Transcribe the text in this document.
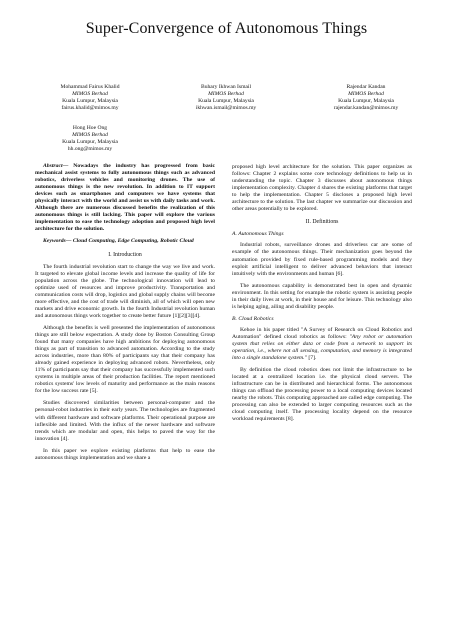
Super-Convergence of Autonomous Things
Mohammad Fairus Khalid
MIMOS Berhad
Kuala Lumpur, Malaysia
fairus.khalid@mimos.my
Buhary Ikhwan Ismail
MIMOS Berhad
Kuala Lumpur, Malaysia
ikhwan.ismail@mimos.my
Rajendar Kandan
MIMOS Berhad
Kuala Lumpur, Malaysia
rajendar.kandan@mimos.my
Hong Hoe Ong
MIMOS Berhad
Kuala Lumpur, Malaysia
hh.ong@mimos.my

Abstract— Nowadays the industry has progressed from basic mechanical assist systems to fully autonomous things such as advanced robotics, driverless vehicles and monitoring drones. The use of autonomous things is the new revolution. In addition to IT support devices such as smartphones and computers we have systems that physically interact with the world and assist us with daily tasks and work. Although there are numerous discussed benefits the realization of this autonomous things is still lacking. This paper will explore the various implementation to ease the technology adoption and proposed high level architecture for the solution.

Keywords— Cloud Computing, Edge Computing, Robotic Cloud

I. Introduction

The fourth industrial revolution start to change the way we live and work. It targeted to elevate global income levels and increase the quality of life for population across the globe. The technological innovation will lead to optimize used of resources and improve productivity. Transportation and communication costs will drop, logistics and global supply chains will become more effective, and the cost of trade will diminish, all of which will open new markets and drive economic growth. In the fourth Industrial revolution human and autonomous things work together to create better future [1][2][3][4].

Although the benefits is well presented the implementation of autonomous things are still below expectation. A study done by Boston Consulting Group found that many companies have high ambitions for deploying autonomous things as part of transition to advanced automation. According to the study across industries, more than 80% of participants say that their company has already gained experience in deploying advanced robots. Nevertheless, only 11% of participants say that their company has successfully implemented such systems in multiple areas of their production facilities. The report mentioned robotics systems' low levels of maturity and performance as the main reasons for the low success rate [5].

Studies discovered similarities between personal-computer and the personal-robot industries in their early years. The technologies are fragmented with different hardware and software platforms. Their operational purpose are inflexible and limited. With the influx of the newer hardware and software trends which are modular and open, this helps to paved the way for the innovation [4].

In this paper we explore existing platforms that help to ease the autonomous things implementation and we share a

proposed high level architecture for the solution. This paper organizes as follows: Chapter 2 explains some core technology definitions to help us in understanding the topic. Chapter 3 discusses about autonomous things implementation complexity. Chapter 4 shares the existing platforms that target to help the implementation. Chapter 5 discloses a proposed high level architecture to the solution. The last chapter we summarize our discussion and other areas potentially to be explored.

II. Definitions
A. Autonomous Things

Industrial robots, surveillance drones and driverless car are some of example of the autonomous things. Their mechanization goes beyond the automation provided by fixed rule-based programming models and they exploit artificial intelligent to deliver advanced behaviors that interact intuitively with the environments and human [6].

The autonomous capability is demonstrated best in open and dynamic environment. In this setting for example the robotic system is assisting people in their daily lives at work, in their house and for leisure. This technology also is helping aging, ailing and disability people.

B. Cloud Robotics

Kehoe in his paper titled "A Survey of Research on Cloud Robotics and Automation" defined cloud robotics as follows: "Any robot or automation system that relies on either data or code from a network to support its operation, i.e., where not all sensing, computation, and memory is integrated into a single standalone system." [7].

By definition the cloud robotics does not limit the infrastructure to be located at a centralized location i.e. the physical cloud servers. The infrastructure can be in distributed and hierarchical forms. The autonomous things can offload the processing power to a local computing devices located nearby the robots. This computing approached are called edge computing. The processing can also be extended to larger computing resources such as the cloud computing itself. The processing locality depend on the resource workload requirements [8].
